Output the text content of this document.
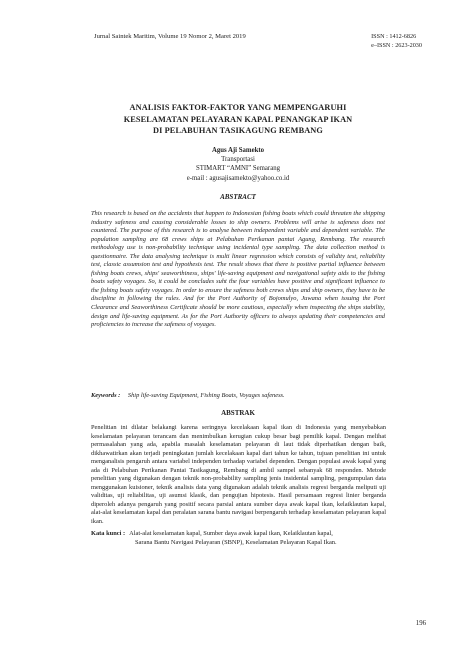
Jurnal Saintek Maritim, Volume 19 Nomor 2, Maret 2019	ISSN : 1412-6826
e–ISSN : 2623-2030
ANALISIS FAKTOR-FAKTOR YANG MEMPENGARUHI
KESELAMATAN PELAYARAN KAPAL PENANGKAP IKAN
DI PELABUHAN TASIKAGUNG REMBANG
Agus Aji Samekto
Transportasi
STIMART “AMNI” Semarang
e-mail : agusajisamekto@yahoo.co.id
ABSTRACT
This research is based on the accidents that happen to Indonesian fishing boats which could threaten the shipping industry safeness and causing considerable losses to ship owners. Problems will arise is safeness does not countered. The purpose of this research is to analyse between independent variable and dependent variable. The population sampling are 68 crews ships at Pelabuhan Perikanan pantai Agung, Rembang. The research methodology use is non-probability technique using incidental type sampling. The data collection method is questionnaire. The data analysing technique is multi linear regression which consists of validity test, reliability test, classic assumsion test and hypothesis test. The result shows that there is positive partial influence between fishing boats crews, ships' seaworthiness, ships' life-saving equipment and navigational safety aids to the fishing boats safety voyages. So, it could be concludes suht the four variables have positive and significant influence to the fishing boats safety voyages. In order to ensure the safeness both crews ships and ship owners, they have to be discipline in following the rules. And for the Port Authority of Bojomulyo, Juwana when issuing the Port Clearance and Seaworthiness Certificate should be more cautious, especially when inspecting the ships stability, design and life-saving equipment. As for the Port Authority officers to always updating their competencies and proficiencies to increase the safeness of voyages.
Keywords : Ship life-saving Equipment, Fishing Boats, Voyages safeness.
ABSTRAK
Penelitian ini dilatar belakangi karena seringnya kecelakaan kapal ikan di Indonesia yang menyebabkan keselamatan pelayaran terancam dan menimbulkan kerugian cukup besar bagi pemilik kapal. Dengan melihat permasalahan yang ada, apabila masalah keselamatan pelayaran di laut tidak diperhatikan dengan baik, dikhawatirkan akan terjadi peningkatan jumlah kecelakaan kapal dari tahun ke tahun, tujuan penelitian ini untuk menganalisis pengaruh antara variabel independen terhadap variabel dependen. Dengan populasi awak kapal yang ada di Pelabuhan Perikanan Pantai Tasikagung, Rembang di ambil sampel sebanyak 68 responden. Metode penelitian yang digunakan dengan teknik non-probability sampling jenis insidental sampling, pengumpulan data menggunakan kuisioner, teknik analisis data yang digunakan adalah teknik analisis regresi berganda meliputi uji validitas, uji reliabilitas, uji asumsi klasik, dan pengujian hipotesis. Hasil persamaan regresi linier berganda diperoleh adanya pengaruh yang positif secara parsial antara sumber daya awak kapal ikan, kelaiklautan kapal, alat-alat keselamatan kapal dan peralatan sarana bantu navigasi berpengaruh terhadap keselamatan pelayaran kapal ikan.
Kata kunci : Alat-alat keselamatan kapal, Sumber daya awak kapal ikan, Kelaiklautan kapal,
Sarana Bantu Navigasi Pelayaran (SBNP), Keselamatan Pelayaran Kapal Ikan.
196
